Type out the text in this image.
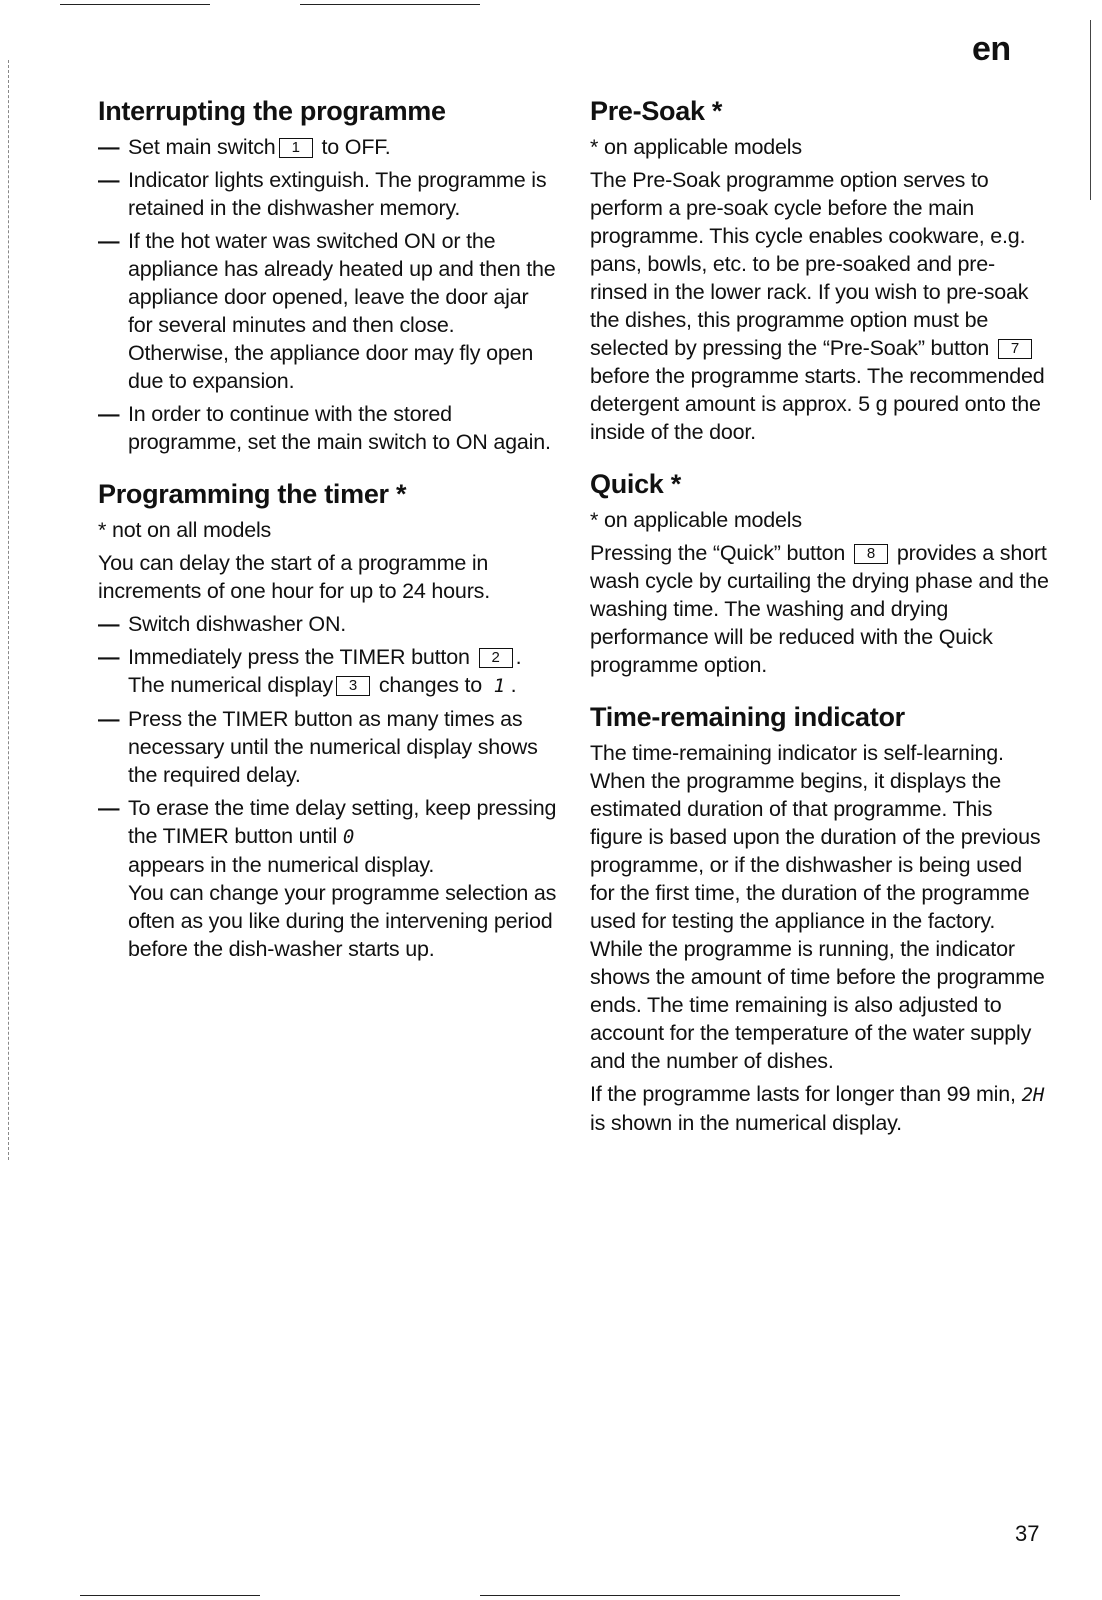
en
Interrupting the programme
— Set main switch 1 to OFF.
— Indicator lights extinguish. The programme is retained in the dishwasher memory.

— If the hot water was switched ON or the appliance has already heated up and then the appliance door opened, leave the door ajar for several minutes and then close.

Otherwise, the appliance door may fly open due to expansion.

— In order to continue with the stored programme, set the main switch to ON again.
Programming the timer *

* not on all models

You can delay the start of a programme in increments of one hour for up to 24 hours.

— Switch dishwasher ON.
— Immediately press the TIMER button 2 . The numerical display 3 changes to 1 .
— Press the TIMER button as many times as necessary until the numerical display shows the required delay.

— To erase the time delay setting, keep pressing the TIMER button until 0

appears in the numerical display.

You can change your programme selection as often as you like during the intervening period before the dish-washer starts up.

Pre-Soak *

* on applicable models

The Pre-Soak programme option serves to perform a pre-soak cycle before the main programme. This cycle enables cookware, e.g. pans, bowls, etc. to be pre-soaked and pre-rinsed in the lower rack. If you wish to pre-soak the dishes, this programme option must be selected by pressing the “Pre-Soak” button 7 before the programme starts. The recommended detergent amount is approx. 5 g poured onto the inside of the door.

Quick *

* on applicable models

Pressing the “Quick” button 8 provides a short wash cycle by curtailing the drying phase and the washing time. The washing and drying performance will be reduced with the Quick programme option.

Time-remaining indicator

The time-remaining indicator is self-learning. When the programme begins, it displays the estimated duration of that programme. This figure is based upon the duration of the previous programme, or if the dishwasher is being used for the first time, the duration of the programme used for testing the appliance in the factory. While the programme is running, the indicator shows the amount of time before the programme ends. The time remaining is also adjusted to account for the temperature of the water supply and the number of dishes.

If the programme lasts for longer than 99 min, 2H is shown in the numerical display.

37
